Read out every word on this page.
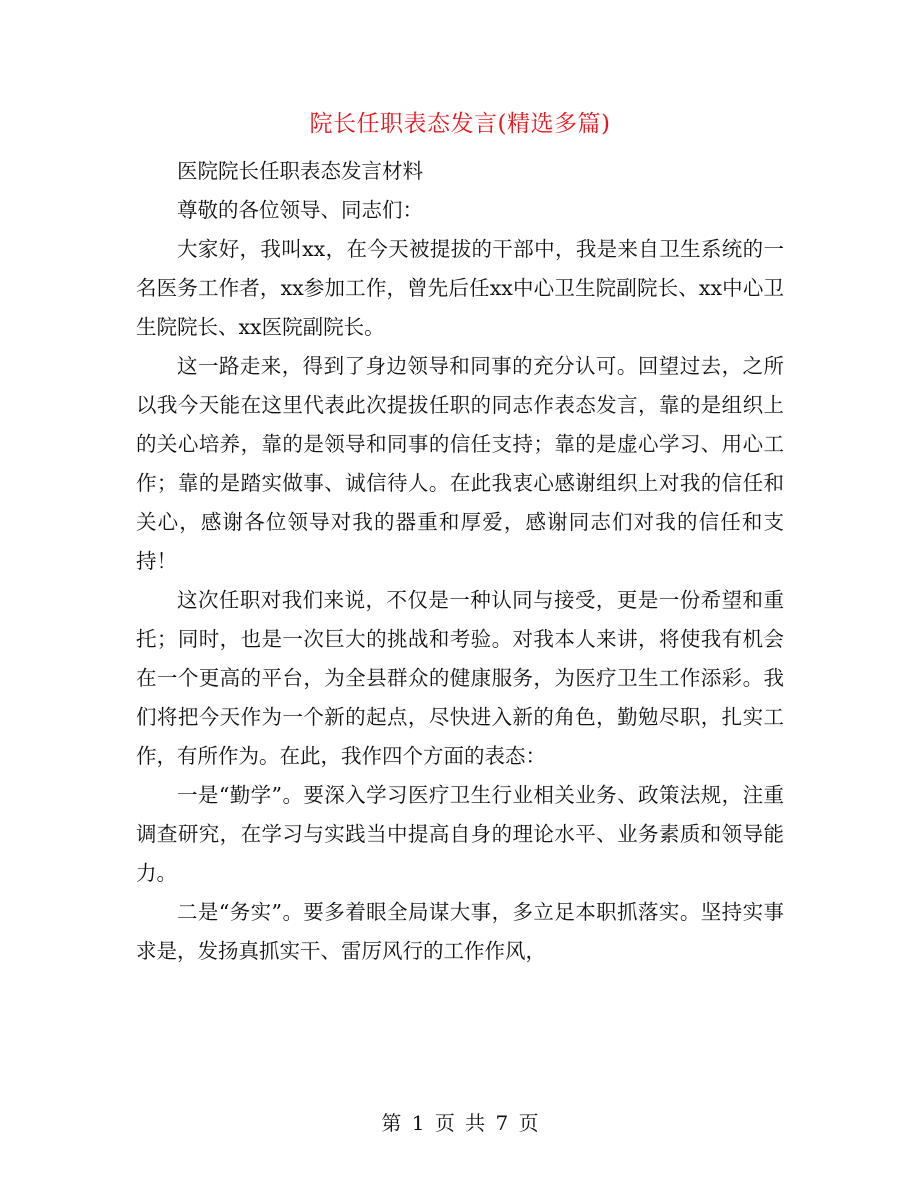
院长任职表态发言(精选多篇)

医院院长任职表态发言材料

尊敬的各位领导、同志们：

大家好，我叫xx，在今天被提拔的干部中，我是来自卫生系统的一名医务工作者，xx参加工作，曾先后任xx中心卫生院副院长、xx中心卫生院院长、xx医院副院长。

这一路走来，得到了身边领导和同事的充分认可。回望过去，之所以我今天能在这里代表此次提拔任职的同志作表态发言，靠的是组织上的关心培养，靠的是领导和同事的信任支持；靠的是虚心学习、用心工作；靠的是踏实做事、诚信待人。在此我衷心感谢组织上对我的信任和关心，感谢各位领导对我的器重和厚爱，感谢同志们对我的信任和支持！

这次任职对我们来说，不仅是一种认同与接受，更是一份希望和重托；同时，也是一次巨大的挑战和考验。对我本人来讲，将使我有机会在一个更高的平台，为全县群众的健康服务，为医疗卫生工作添彩。我们将把今天作为一个新的起点，尽快进入新的角色，勤勉尽职，扎实工作，有所作为。在此，我作四个方面的表态：

一是“勤学”。要深入学习医疗卫生行业相关业务、政策法规，注重调查研究，在学习与实践当中提高自身的理论水平、业务素质和领导能力。

二是“务实”。要多着眼全局谋大事，多立足本职抓落实。坚持实事求是，发扬真抓实干、雷厉风行的工作作风，

第 1 页 共 7 页
